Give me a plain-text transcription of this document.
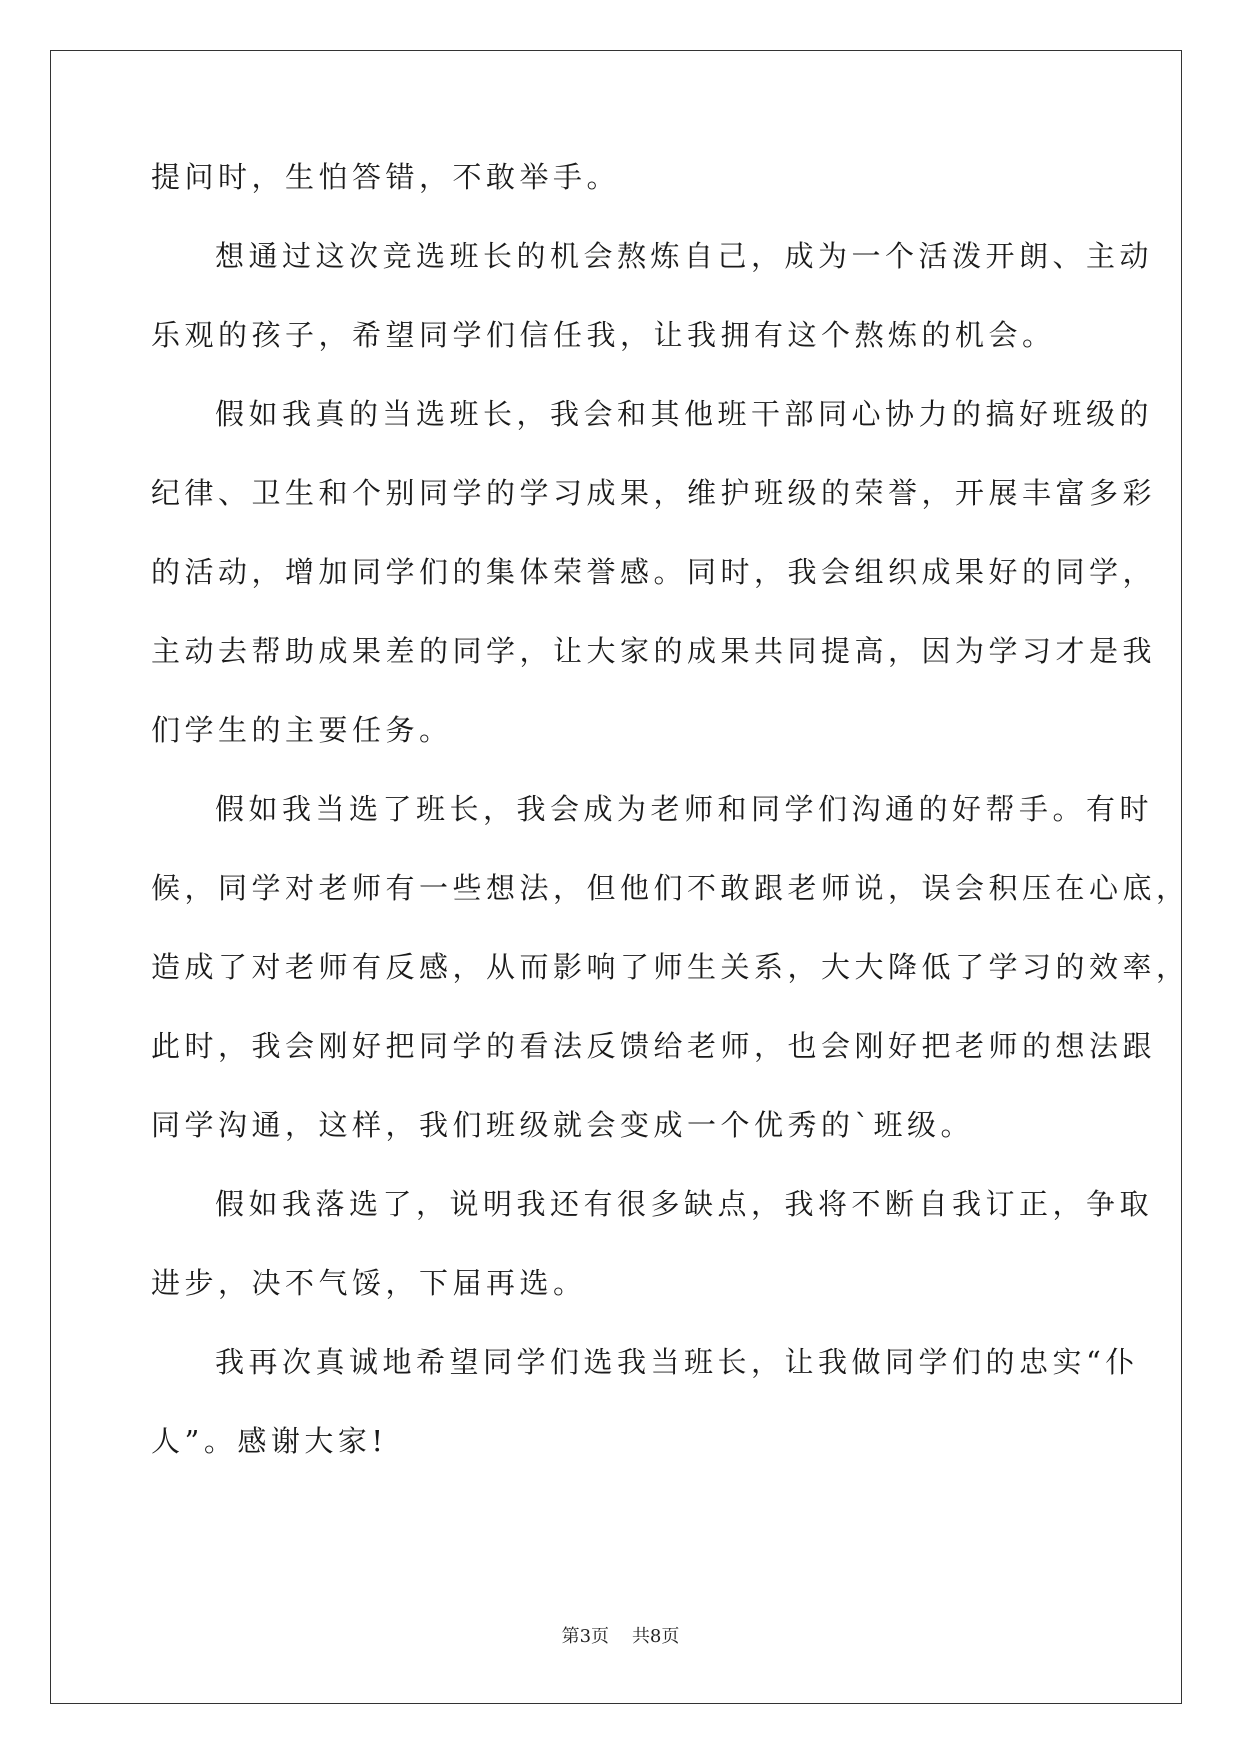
提问时，生怕答错，不敢举手。
想通过这次竞选班长的机会熬炼自己，成为一个活泼开朗、主动
乐观的孩子，希望同学们信任我，让我拥有这个熬炼的机会。
假如我真的当选班长，我会和其他班干部同心协力的搞好班级的
纪律、卫生和个别同学的学习成果，维护班级的荣誉，开展丰富多彩
的活动，增加同学们的集体荣誉感。同时，我会组织成果好的同学，
主动去帮助成果差的同学，让大家的成果共同提高，因为学习才是我
们学生的主要任务。
假如我当选了班长，我会成为老师和同学们沟通的好帮手。有时
候，同学对老师有一些想法，但他们不敢跟老师说，误会积压在心底，
造成了对老师有反感，从而影响了师生关系，大大降低了学习的效率，
此时，我会刚好把同学的看法反馈给老师，也会刚好把老师的想法跟
同学沟通，这样，我们班级就会变成一个优秀的`班级。
假如我落选了，说明我还有很多缺点，我将不断自我订正，争取
进步，决不气馁，下届再选。
我再次真诚地希望同学们选我当班长，让我做同学们的忠实“仆
人”。感谢大家!
第3页 共8页
